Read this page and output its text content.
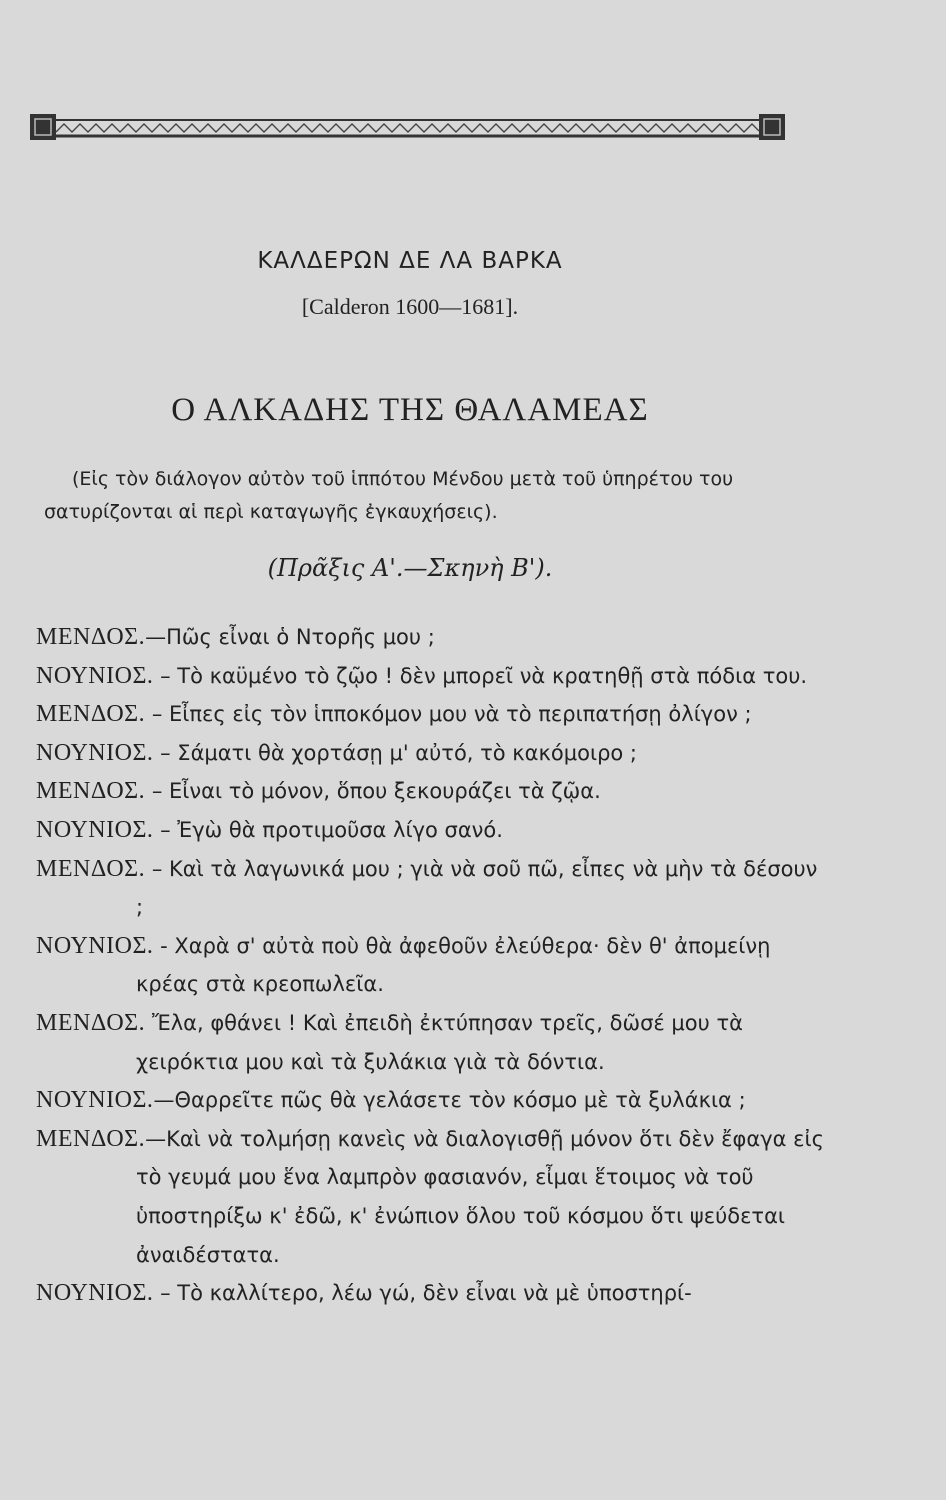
ΚΑΛΔΕΡΩΝ ΔΕ ΛΑ ΒΑΡΚΑ
[Calderon 1600—1681].
Ο ΑΛΚΑΔΗΣ ΤΗΣ ΘΑΛΑΜΕΑΣ
(Εἰς τὸν διάλογον αὐτὸν τοῦ ἱππότου Μένδου μετὰ τοῦ ὑπηρέτου του σατυρίζονται αἱ περὶ καταγωγῆς ἐγκαυχήσεις).
(Πρᾶξις Α'.—Σκηνὴ Β').
ΜΕΝΔΟΣ.—Πῶς εἶναι ὁ Ντορῆς μου ;
ΝΟΥΝΙΟΣ. – Τὸ καϋμένο τὸ ζῷο ! δὲν μπορεῖ νὰ κρατηθῇ στὰ πόδια του.
ΜΕΝΔΟΣ. – Εἶπες εἰς τὸν ἱπποκόμον μου νὰ τὸ περιπατήσῃ ὀλίγον ;
ΝΟΥΝΙΟΣ. – Σάματι θὰ χορτάσῃ μ' αὐτό, τὸ κακόμοιρο ;
ΜΕΝΔΟΣ. – Εἶναι τὸ μόνον, ὅπου ξεκουράζει τὰ ζῷα.
ΝΟΥΝΙΟΣ. – Ἐγὼ θὰ προτιμοῦσα λίγο σανό.
ΜΕΝΔΟΣ. – Καὶ τὰ λαγωνικά μου ; γιὰ νὰ σοῦ πῶ, εἶπες νὰ μὴν τὰ δέσουν ;
ΝΟΥΝΙΟΣ. - Χαρὰ σ' αὐτὰ ποὺ θὰ ἀφεθοῦν ἐλεύθερα· δὲν θ' ἀπομείνῃ κρέας στὰ κρεοπωλεῖα.
ΜΕΝΔΟΣ. Ἔλα, φθάνει ! Καὶ ἐπειδὴ ἐκτύπησαν τρεῖς, δῶσέ μου τὰ χειρόκτια μου καὶ τὰ ξυλάκια γιὰ τὰ δόντια.
ΝΟΥΝΙΟΣ.—Θαρρεῖτε πῶς θὰ γελάσετε τὸν κόσμο μὲ τὰ ξυλάκια ;
ΜΕΝΔΟΣ.—Καὶ νὰ τολμήσῃ κανεὶς νὰ διαλογισθῇ μόνον ὅτι δὲν ἔφαγα εἰς τὸ γευμά μου ἕνα λαμπρὸν φασιανόν, εἶμαι ἕτοιμος νὰ τοῦ ὑποστηρίξω κ' ἐδῶ, κ' ἐνώπιον ὅλου τοῦ κόσμου ὅτι ψεύδεται ἀναιδέστατα.
ΝΟΥΝΙΟΣ. – Τὸ καλλίτερο, λέω γώ, δὲν εἶναι νὰ μὲ ὑποστηρί-
